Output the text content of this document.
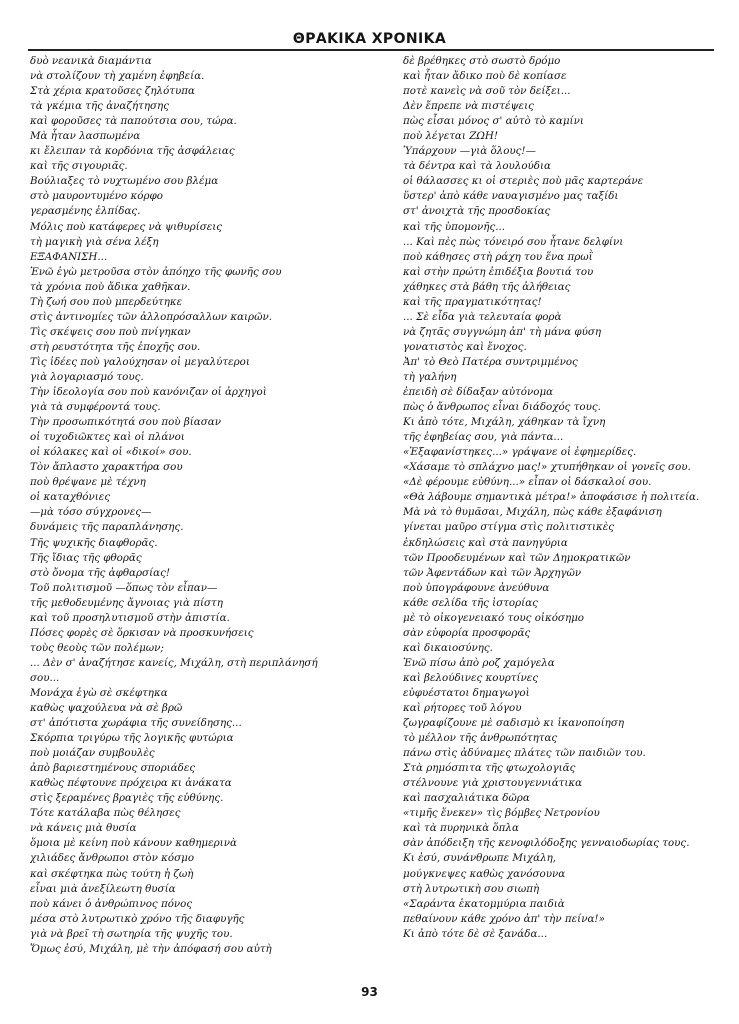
ΘΡΑΚΙΚΑ ΧΡΟΝΙΚΑ
δυὸ νεανικὰ διαμάντια
νὰ στολίζουν τὴ χαμένη ἐφηβεία.
Στὰ χέρια κρατοῦσες ζηλότυπα
τὰ γκέμια τῆς ἀναζήτησης
καὶ φοροῦσες τὰ παπούτσια σου, τώρα.
Μὰ ἦταν λασπωμένα
κι ἔλειπαν τὰ κορδόνια τῆς ἀσφάλειας
καὶ τῆς σιγουριᾶς.
Βούλιαξες τὸ νυχτωμένο σου βλέμα
στὸ μαυροντυμένο κόρφο
γερασμένης ἐλπίδας.
Μόλις ποὺ κατάφερες νὰ ψιθυρίσεις
τὴ μαγικὴ γιὰ σένα λέξη
ΕΞΑΦΑΝΙΣΗ...
Ἐνῶ ἐγὼ μετροῦσα στὸν ἀπόηχο τῆς φωνῆς σου
τὰ χρόνια ποὺ ἄδικα χαθῆκαν.
Τὴ ζωή σου ποὺ μπερδεύτηκε
στὶς ἀντινομίες τῶν ἀλλοπρόσαλλων καιρῶν.
Τὶς σκέψεις σου ποὺ πνίγηκαν
στὴ ρευστότητα τῆς ἐποχῆς σου.
Τὶς ἰδέες ποὺ γαλούχησαν οἱ μεγαλύτεροι
γιὰ λογαριασμό τους.
Τὴν ἰδεολογία σου ποὺ κανόνιζαν οἱ ἀρχηγοὶ
γιὰ τὰ συμφέροντά τους.
Τὴν προσωπικότητά σου ποὺ βίασαν
οἱ τυχοδιῶκτες καὶ οἱ πλάνοι
οἱ κόλακες καὶ οἱ «δικοί» σου.
Τὸν ἄπλαστο χαρακτήρα σου
ποὺ θρέψανε μὲ τέχνη
οἱ καταχθόνιες
—μὰ τόσο σύγχρονες—
δυνάμεις τῆς παραπλάνησης.
Τῆς ψυχικῆς διαφθορᾶς.
Τῆς ἴδιας τῆς φθορᾶς
στὸ ὄνομα τῆς ἀφθαρσίας!
Τοῦ πολιτισμοῦ —ὅπως τὸν εἶπαν—
τῆς μεθοδευμένης ἄγνοιας γιὰ πίστη
καὶ τοῦ προσηλυτισμοῦ στὴν ἀπιστία.
Πόσες φορὲς σὲ ὅρκισαν νὰ προσκυνήσεις
τοὺς θεοὺς τῶν πολέμων;
... Δὲν σ' ἀναζήτησε κανείς, Μιχάλη, στὴ περιπλάνησή
σου...
Μονάχα ἐγὼ σὲ σκέφτηκα
καθὼς ψαχούλευα νὰ σὲ βρῶ
στ' ἀπότιστα χωράφια τῆς συνείδησης...
Σκόρπια τριγύρω τῆς λογικῆς φυτώρια
ποὺ μοιάζαν συμβουλὲς
ἀπὸ βαριεστημένους σποριάδες
καθὼς πέφτουνε πρόχειρα κι ἀνάκατα
στὶς ξεραμένες βραγιὲς τῆς εὐθύνης.
Τότε κατάλαβα πὼς θέλησες
νὰ κάνεις μιὰ θυσία
ὅμοια μὲ κείνη ποὺ κάνουν καθημερινὰ
χιλιάδες ἄνθρωποι στὸν κόσμο
καὶ σκέφτηκα πὼς τούτη ἡ ζωὴ
εἶναι μιὰ ἀνεξίλεωτη θυσία
ποὺ κάνει ὁ ἀνθρώπινος πόνος
μέσα στὸ λυτρωτικὸ χρόνο τῆς διαφυγῆς
γιὰ νὰ βρεῖ τὴ σωτηρία τῆς ψυχῆς του.
Ὅμως ἐσύ, Μιχάλη, μὲ τὴν ἀπόφασή σου αὐτὴ
δὲ βρέθηκες στὸ σωστὸ δρόμο
καὶ ἦταν ἄδικο ποὺ δὲ κοπίασε
ποτὲ κανεὶς νὰ σοῦ τὸν δείξει...
Δὲν ἔπρεπε νὰ πιστέψεις
πὼς εἶσαι μόνος σ' αὐτὸ τὸ καμίνι
ποὺ λέγεται ΖΩΗ!
Ὑπάρχουν —γιὰ ὅλους!—
τὰ δέντρα καὶ τὰ λουλούδια
οἱ θάλασσες κι οἱ στεριὲς ποὺ μᾶς καρτεράνε
ὕστερ' ἀπὸ κάθε ναυαγισμένο μας ταξίδι
στ' ἀνοιχτὰ τῆς προσδοκίας
καὶ τῆς ὑπομονῆς...
... Καὶ πὲς πὼς τόνειρό σου ἦτανε δελφίνι
ποὺ κάθησες στὴ ράχη του ἕνα πρωῒ
καὶ στὴν πρώτη ἐπιδέξια βουτιά του
χάθηκες στὰ βάθη τῆς ἀλήθειας
καὶ τῆς πραγματικότητας!
... Σὲ εἶδα γιὰ τελευταία φορὰ
νὰ ζητᾶς συγγνώμη ἀπ' τὴ μάνα φύση
γονατιστὸς καὶ ἔνοχος.
Ἀπ' τὸ Θεὸ Πατέρα συντριμμένος
τὴ γαλήνη
ἐπειδὴ σὲ δίδαξαν αὐτόνομα
πὼς ὁ ἄνθρωπος εἶναι διάδοχός τους.
Κι ἀπὸ τότε, Μιχάλη, χάθηκαν τὰ ἴχνη
τῆς ἐφηβείας σου, γιὰ πάντα...
«Ἐξαφανίστηκες...» γράψανε οἱ ἐφημερίδες.
«Χάσαμε τὸ σπλάχνο μας!» χτυπήθηκαν οἱ γονεῖς σου.
«Δὲ φέρουμε εὐθύνη...» εἶπαν οἱ δάσκαλοί σου.
«Θὰ λάβουμε σημαντικὰ μέτρα!» ἀποφάσισε ἡ πολιτεία.
Μὰ νὰ τὸ θυμᾶσαι, Μιχάλη, πὼς κάθε ἐξαφάνιση
γίνεται μαῦρο στίγμα στὶς πολιτιστικὲς
ἐκδηλώσεις καὶ στὰ πανηγύρια
τῶν Προοδευμένων καὶ τῶν Δημοκρατικῶν
τῶν Ἀφεντάδων καὶ τῶν Ἀρχηγῶν
ποὺ ὑπογράφουνε ἀνεύθυνα
κάθε σελίδα τῆς ἱστορίας
μὲ τὸ οἰκογενειακό τους οἰκόσημο
σὰν εὐφορία προσφορᾶς
καὶ δικαιοσύνης.
Ἐνῶ πίσω ἀπὸ ροζ χαμόγελα
καὶ βελούδινες κουρτίνες
εὐφυέστατοι δημαγωγοὶ
καὶ ρήτορες τοῦ λόγου
ζωγραφίζουνε μὲ σαδισμὸ κι ἱκανοποίηση
τὸ μέλλον τῆς ἀνθρωπότητας
πάνω στὶς ἀδύναμες πλάτες τῶν παιδιῶν του.
Στὰ ρημόσπιτα τῆς φτωχολογιᾶς
στέλνουνε γιὰ χριστουγεννιάτικα
καὶ πασχαλιάτικα δῶρα
«τιμῆς ἕνεκεν» τὶς βόμβες Νετρονίου
καὶ τὰ πυρηνικὰ ὅπλα
σὰν ἀπόδειξη τῆς κενοφιλόδοξης γενναιοδωρίας τους.
Κι ἐσύ, συνάνθρωπε Μιχάλη,
μούγκνεψες καθὼς χανόσουνα
στὴ λυτρωτικὴ σου σιωπὴ
«Σαράντα ἑκατομμύρια παιδιὰ
πεθαίνουν κάθε χρόνο ἀπ' τὴν πείνα!»
Κι ἀπὸ τότε δὲ σὲ ξανάδα...
93
